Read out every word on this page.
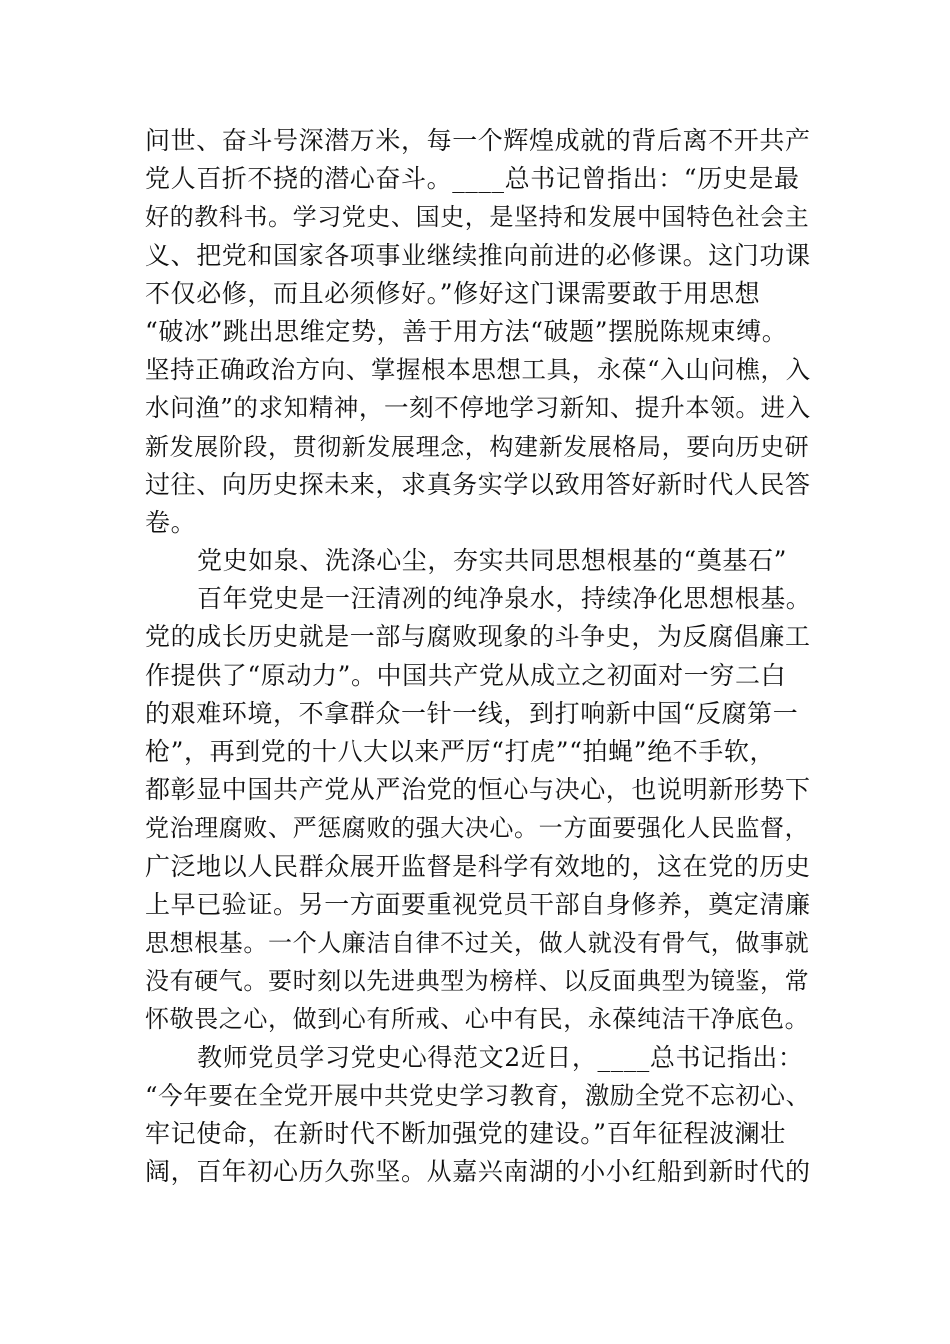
问世、奋斗号深潜万米，每一个辉煌成就的背后离不开共产
党人百折不挠的潜心奋斗。____总书记曾指出：“历史是最
好的教科书。学习党史、国史，是坚持和发展中国特色社会主
义、把党和国家各项事业继续推向前进的必修课。这门功课
不仅必修，而且必须修好。”修好这门课需要敢于用思想
“破冰”跳出思维定势，善于用方法“破题”摆脱陈规束缚。
坚持正确政治方向、掌握根本思想工具，永葆“入山问樵，入
水问渔”的求知精神，一刻不停地学习新知、提升本领。进入
新发展阶段，贯彻新发展理念，构建新发展格局，要向历史研
过往、向历史探未来，求真务实学以致用答好新时代人民答
卷。
党史如泉、洗涤心尘，夯实共同思想根基的“奠基石”
百年党史是一汪清冽的纯净泉水，持续净化思想根基。
党的成长历史就是一部与腐败现象的斗争史，为反腐倡廉工
作提供了“原动力”。中国共产党从成立之初面对一穷二白
的艰难环境，不拿群众一针一线，到打响新中国“反腐第一
枪”，再到党的十八大以来严厉“打虎”“拍蝇”绝不手软，
都彰显中国共产党从严治党的恒心与决心，也说明新形势下
党治理腐败、严惩腐败的强大决心。一方面要强化人民监督，
广泛地以人民群众展开监督是科学有效地的，这在党的历史
上早已验证。另一方面要重视党员干部自身修养，奠定清廉
思想根基。一个人廉洁自律不过关，做人就没有骨气，做事就
没有硬气。要时刻以先进典型为榜样、以反面典型为镜鉴，常
怀敬畏之心，做到心有所戒、心中有民，永葆纯洁干净底色。
教师党员学习党史心得范文2近日，____总书记指出：
“今年要在全党开展中共党史学习教育，激励全党不忘初心、
牢记使命，在新时代不断加强党的建设。”百年征程波澜壮
阔，百年初心历久弥坚。从嘉兴南湖的小小红船到新时代的
